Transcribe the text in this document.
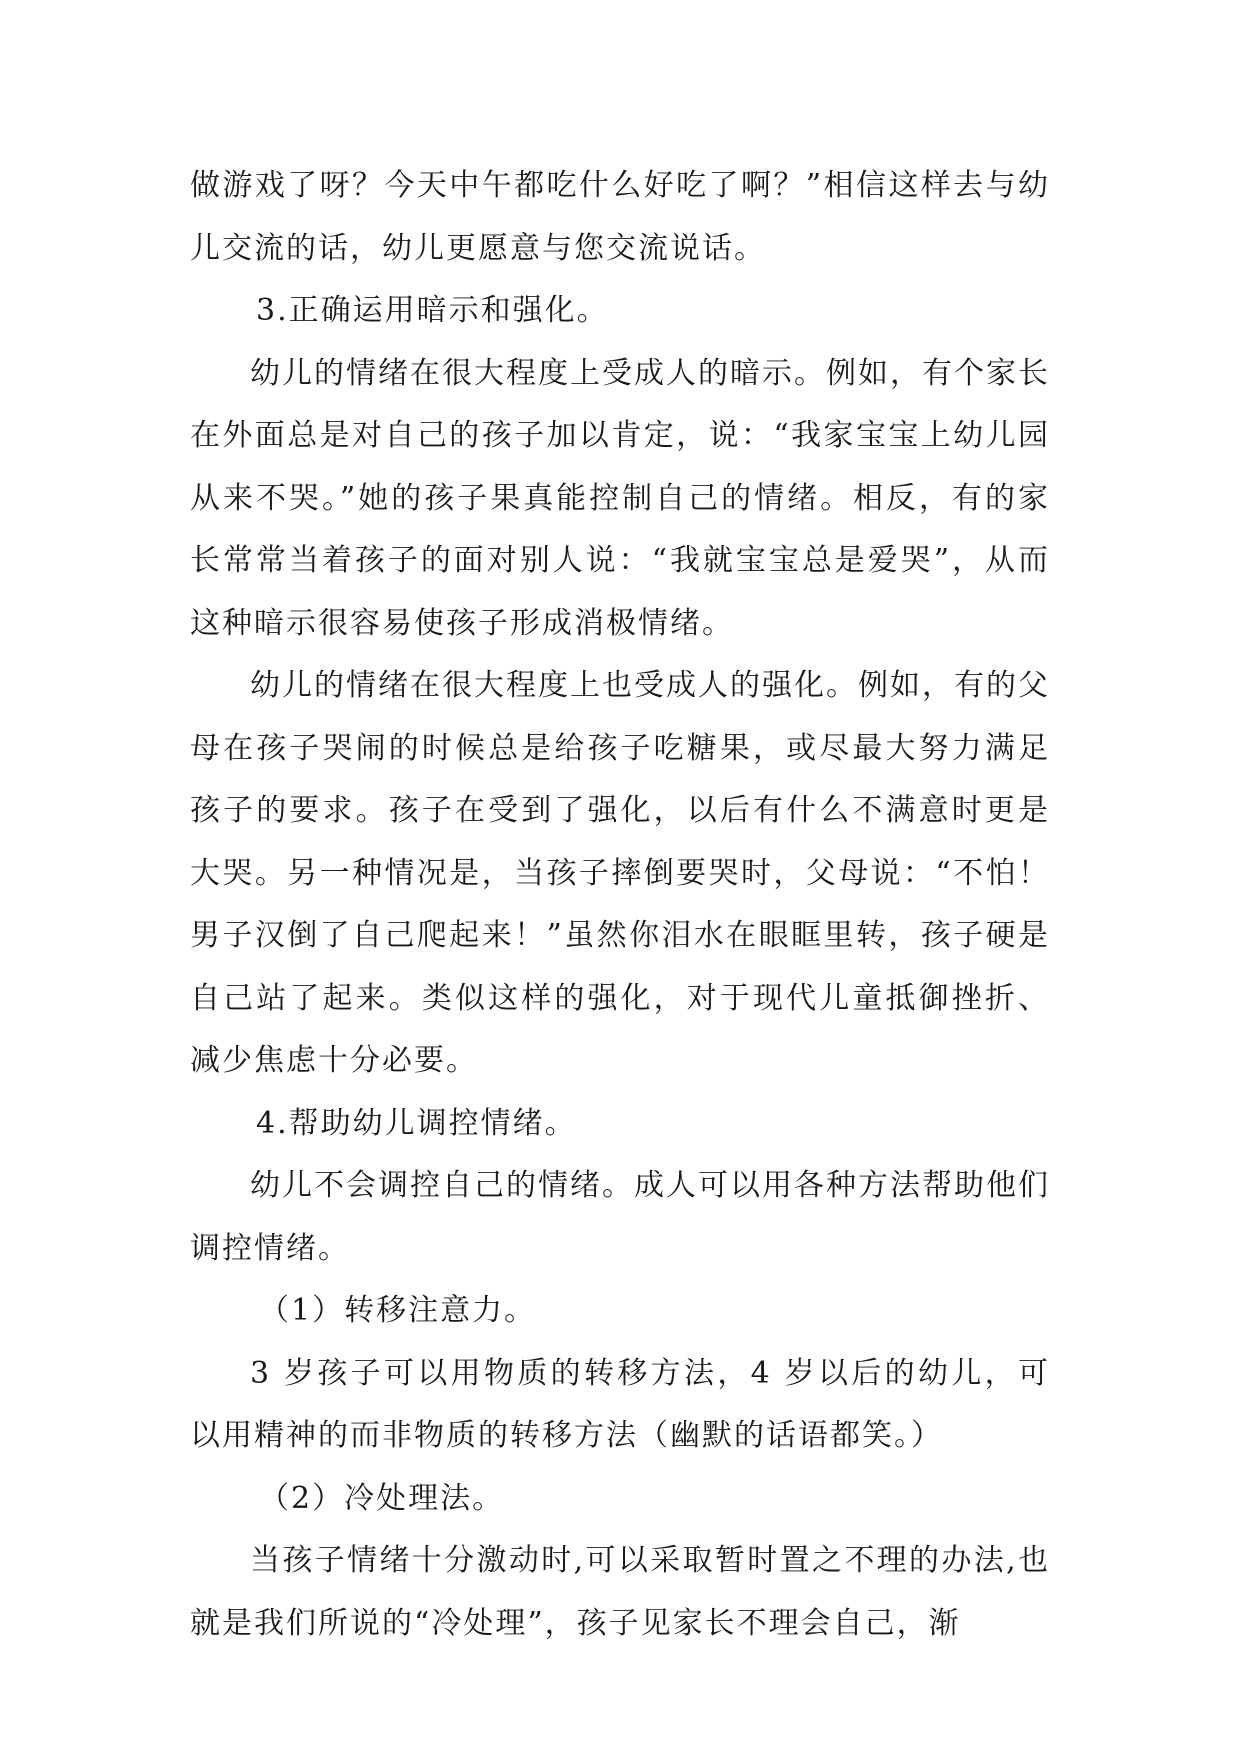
做游戏了呀？今天中午都吃什么好吃了啊？”相信这样去与幼儿交流的话，幼儿更愿意与您交流说话。

3.正确运用暗示和强化。

幼儿的情绪在很大程度上受成人的暗示。例如，有个家长在外面总是对自己的孩子加以肯定，说：“我家宝宝上幼儿园从来不哭。”她的孩子果真能控制自己的情绪。相反，有的家长常常当着孩子的面对别人说：“我就宝宝总是爱哭”，从而这种暗示很容易使孩子形成消极情绪。

幼儿的情绪在很大程度上也受成人的强化。例如，有的父母在孩子哭闹的时候总是给孩子吃糖果，或尽最大努力满足孩子的要求。孩子在受到了强化，以后有什么不满意时更是大哭。另一种情况是，当孩子摔倒要哭时，父母说：“不怕！男子汉倒了自己爬起来！”虽然你泪水在眼眶里转，孩子硬是自己站了起来。类似这样的强化，对于现代儿童抵御挫折、减少焦虑十分必要。

4.帮助幼儿调控情绪。

幼儿不会调控自己的情绪。成人可以用各种方法帮助他们调控情绪。

（1）转移注意力。

3 岁孩子可以用物质的转移方法，4 岁以后的幼儿，可以用精神的而非物质的转移方法（幽默的话语都笑。）

（2）冷处理法。

当孩子情绪十分激动时,可以采取暂时置之不理的办法,也就是我们所说的“冷处理”，孩子见家长不理会自己，渐
